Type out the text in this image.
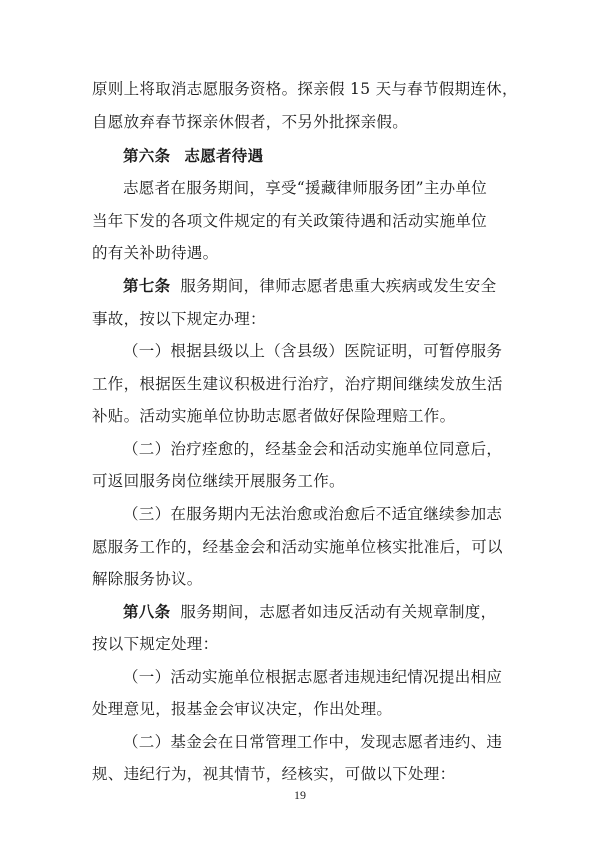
原则上将取消志愿服务资格。探亲假 15 天与春节假期连休，
自愿放弃春节探亲休假者，不另外批探亲假。
第六条 志愿者待遇
志愿者在服务期间，享受“援藏律师服务团”主办单位
当年下发的各项文件规定的有关政策待遇和活动实施单位
的有关补助待遇。
第七条 服务期间，律师志愿者患重大疾病或发生安全
事故，按以下规定办理：
（一）根据县级以上（含县级）医院证明，可暂停服务
工作，根据医生建议积极进行治疗，治疗期间继续发放生活
补贴。活动实施单位协助志愿者做好保险理赔工作。
（二）治疗痊愈的，经基金会和活动实施单位同意后，
可返回服务岗位继续开展服务工作。
（三）在服务期内无法治愈或治愈后不适宜继续参加志
愿服务工作的，经基金会和活动实施单位核实批准后，可以
解除服务协议。
第八条 服务期间，志愿者如违反活动有关规章制度，
按以下规定处理：
（一）活动实施单位根据志愿者违规违纪情况提出相应
处理意见，报基金会审议决定，作出处理。
（二）基金会在日常管理工作中，发现志愿者违约、违
规、违纪行为，视其情节，经核实，可做以下处理：
19
